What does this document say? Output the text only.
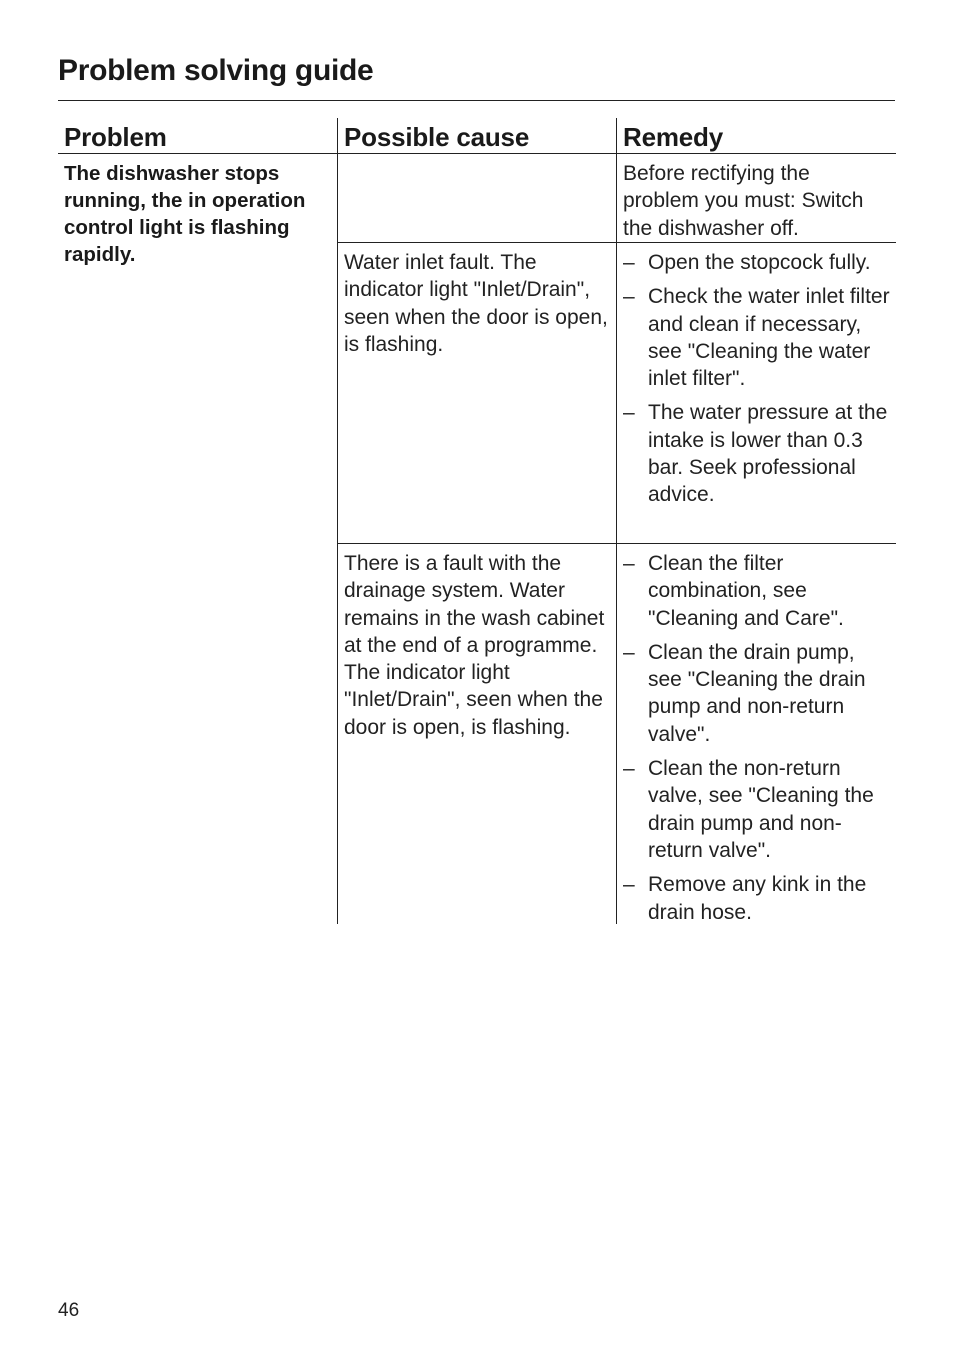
Problem solving guide
Problem	Possible cause	Remedy
The dishwasher stops running, the in operation control light is flashing rapidly.

Before rectifying the problem you must: Switch the dishwasher off.

Water inlet fault. The indicator light "Inlet/Drain", seen when the door is open, is flashing.
– Open the stopcock fully.
– Check the water inlet filter and clean if necessary, see "Cleaning the water inlet filter".
– The water pressure at the intake is lower than 0.3 bar. Seek professional advice.
There is a fault with the drainage system. Water remains in the wash cabinet at the end of a programme. The indicator light "Inlet/Drain", seen when the door is open, is flashing.
– Clean the filter combination, see "Cleaning and Care".
– Clean the drain pump, see "Cleaning the drain pump and non-return valve".
– Clean the non-return valve, see "Cleaning the drain pump and non-return valve".
– Remove any kink in the drain hose.
46
